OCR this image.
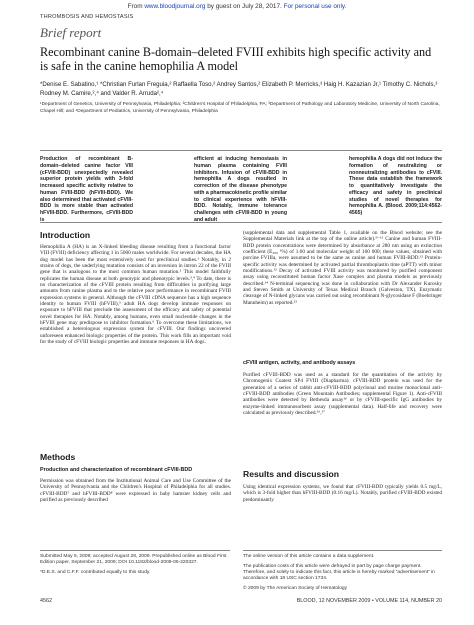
From www.bloodjournal.org by guest on July 28, 2017. For personal use only.
THROMBOSIS AND HEMOSTASIS
Brief report
Recombinant canine B-domain–deleted FVIII exhibits high specific activity and is safe in the canine hemophilia A model
*Denise E. Sabatino,¹ *Christian Furlan Freguia,² Raffaella Toso,² Andrey Santos,² Elizabeth P. Merricks,³ Haig H. Kazazian Jr,¹ Timothy C. Nichols,³ Rodney M. Camire,²,⁴ and Valder R. Arruda²,⁴
¹Department of Genetics, University of Pennsylvania, Philadelphia; ²Children's Hospital of Philadelphia, PA; ³Department of Pathology and Laboratory Medicine, University of North Carolina, Chapel Hill; and ⁴Department of Pediatrics, University of Pennsylvania, Philadelphia
Production of recombinant B-domain–deleted canine factor VIII (cFVIII-BDD) unexpectedly revealed superior protein yields with 3-fold increased specific activity relative to human FVIII-BDD (hFVIII-BDD). We also determined that activated cFVIII-BDD is more stable than activated hFVIII-BDD. Furthermore, cFVIII-BDD is
efficient at inducing hemostasis in human plasma containing FVIII inhibitors. Infusion of cFVIII-BDD in hemophilia A dogs resulted in correction of the disease phenotype with a pharmacokinetic profile similar to clinical experience with hFVIII-BDD. Notably, immune tolerance challenges with cFVIII-BDD in young and adult
hemophilia A dogs did not induce the formation of neutralizing or nonneutralizing antibodies to cFVIII. These data establish the framework to quantitatively investigate the efficacy and safety in preclinical studies of novel therapies for hemophilia A. (Blood. 2009;114:4562-4565)
Introduction

Hemophilia A (HA) is an X-linked bleeding disease resulting from a functional factor VIII (FVIII) deficiency affecting 1 in 5000 males worldwide. For several decades, the HA dog model has been the most extensively used for preclinical studies.¹ Notably, in 2 strains of dogs, the underlying mutation consists of an inversion in intron 22 of the FVIII gene that is analogous to the most common human mutation.² This model faithfully replicates the human disease at both genotypic and phenotypic levels.³,⁴ To date, there is no characterization of the cFVIII protein resulting from difficulties in purifying large amounts from canine plasma and to the relative poor performance in recombinant FVIII expression systems in general. Although the cFVIII cDNA sequence has a high sequence identity to human FVIII (hFVIII),⁵ adult HA dogs develop immune responses on exposure to hFVIII that preclude the assessment of the efficacy and safety of potential novel therapies for HA. Notably, among humans, even small nucleotide changes in the hFVIII gene may predispose to inhibitor formation.⁶ To overcome these limitations, we established a heterologous expression system for cFVIII. Our findings uncovered unforeseen enhanced biologic properties of the protein. This work fills an important void for the study of cFVIII biologic properties and immune responses in HA dogs.

Methods
Production and characterization of recombinant cFVIII-BDD

Permission was obtained from the Institutional Animal Care and Use Committee of the University of Pennsylvania and the Children's Hospital of Philadelphia for all studies. cFVIII-BDD⁷ and hFVIII-BDD⁸ were expressed in baby hamster kidney cells and purified as previously described

(supplemental data and supplemental Table 1, available on the Blood website; see the Supplemental Materials link at the top of the online article).⁹⁻¹¹ Canine and human FVIII-BDD protein concentrations were determined by absorbance at 280 nm using an extinction coefficient (E₂₈₀ ¹%) of 1.60 and molecular weight of 160 000; these values, obtained with porcine FVIIIa, were assumed to be the same as canine and human FVIII-BDD.¹² Protein-specific activity was determined by activated partial thromboplastin time (aPTT) with minor modifications.¹³ Decay of activated FVIII activity was monitored by purified component assay using reconstituted human factor Xase complex and plasma models as previously described.¹⁴ N-terminal sequencing was done in collaboration with Dr Alexander Kurosky and Steven Smith at University of Texas Medical Branch (Galveston, TX). Enzymatic cleavage of N-linked glycans was carried out using recombinant N-glycosidase F (Boehringer Mannheim) as reported.¹⁵

cFVIII antigen, activity, and antibody assays

Purified cFVIII-BDD was used as a standard for the quantitation of the activity by Chromogenix Coatest SP4 FVIII (Diapharma). cFVIII-BDD protein was used for the generation of a series of rabbit anti-cFVIII-BDD polyclonal and murine monoclonal anti-cFVIII-BDD antibodies (Green Mountain Antibodies; supplemental Figure 1). Anti-cFVIII antibodies were detected by Bethesda assay¹⁶ or by cFVIII-specific IgG antibodies by enzyme-linked immunosorbent assay (supplemental data). Half-life and recovery were calculated as previously described.¹⁶,¹⁷

Results and discussion

Using identical expression systems, we found that cFVIII-BDD typically yields 0.5 mg/L, which is 3-fold higher than hFVIII-BDD (0.16 mg/L). Notably, purified cFVIII-BDD existed predominantly

Submitted May 5, 2009; accepted August 28, 2009. Prepublished online as Blood First Edition paper, September 21, 2009; DOI 10.1182/blood-2009-05-220327.

*D.E.S. and C.F.F. contributed equally to this study.

The online version of this article contains a data supplement.

The publication costs of this article were defrayed in part by page charge payment. Therefore, and solely to indicate this fact, this article is hereby marked “advertisement” in accordance with 18 USC section 1734.

© 2009 by The American Society of Hematology

4562	BLOOD, 12 NOVEMBER 2009 • VOLUME 114, NUMBER 20
